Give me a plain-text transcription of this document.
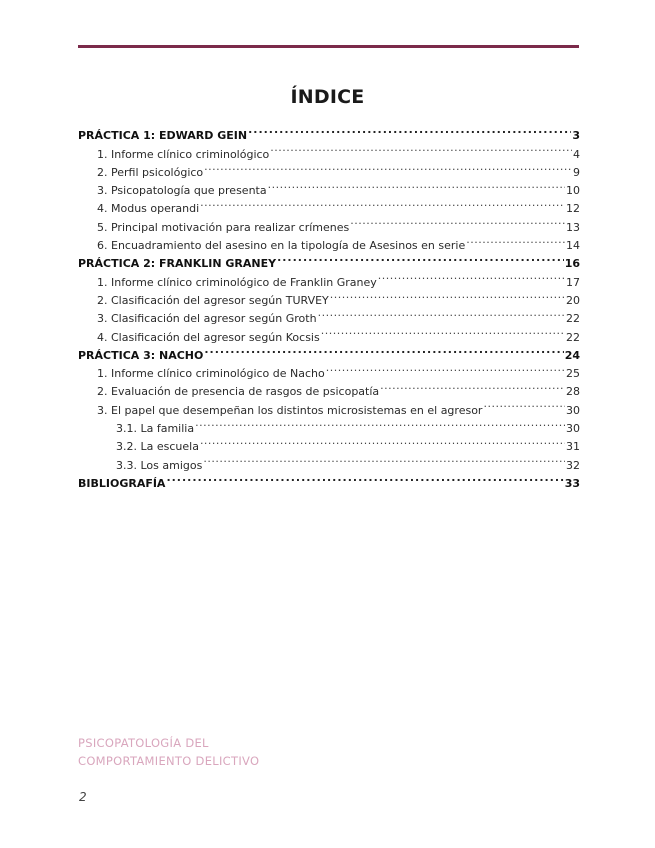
ÍNDICE
PRÁCTICA 1: EDWARD GEIN .....	3
1. Informe clínico criminológico .....	4
2. Perfil psicológico .....	9
3. Psicopatología que presenta .....	10
4. Modus operandi .....	12
5. Principal motivación para realizar crímenes .....	13
6. Encuadramiento del asesino en la tipología de Asesinos en serie .....	14
PRÁCTICA 2: FRANKLIN GRANEY .....	16
1. Informe clínico criminológico de Franklin Graney .....	17
2. Clasificación del agresor según TURVEY .....	20
3. Clasificación del agresor según Groth .....	22
4. Clasificación del agresor según Kocsis .....	22
PRÁCTICA 3: NACHO .....	24
1. Informe clínico criminológico de Nacho .....	25
2. Evaluación de presencia de rasgos de psicopatía .....	28
3. El papel que desempeñan los distintos microsistemas en el agresor .....	30
3.1. La familia .....	30
3.2. La escuela .....	31
3.3. Los amigos .....	32
BIBLIOGRAFÍA .....	33
PSICOPATOLOGÍA DEL
COMPORTAMIENTO DELICTIVO
2
